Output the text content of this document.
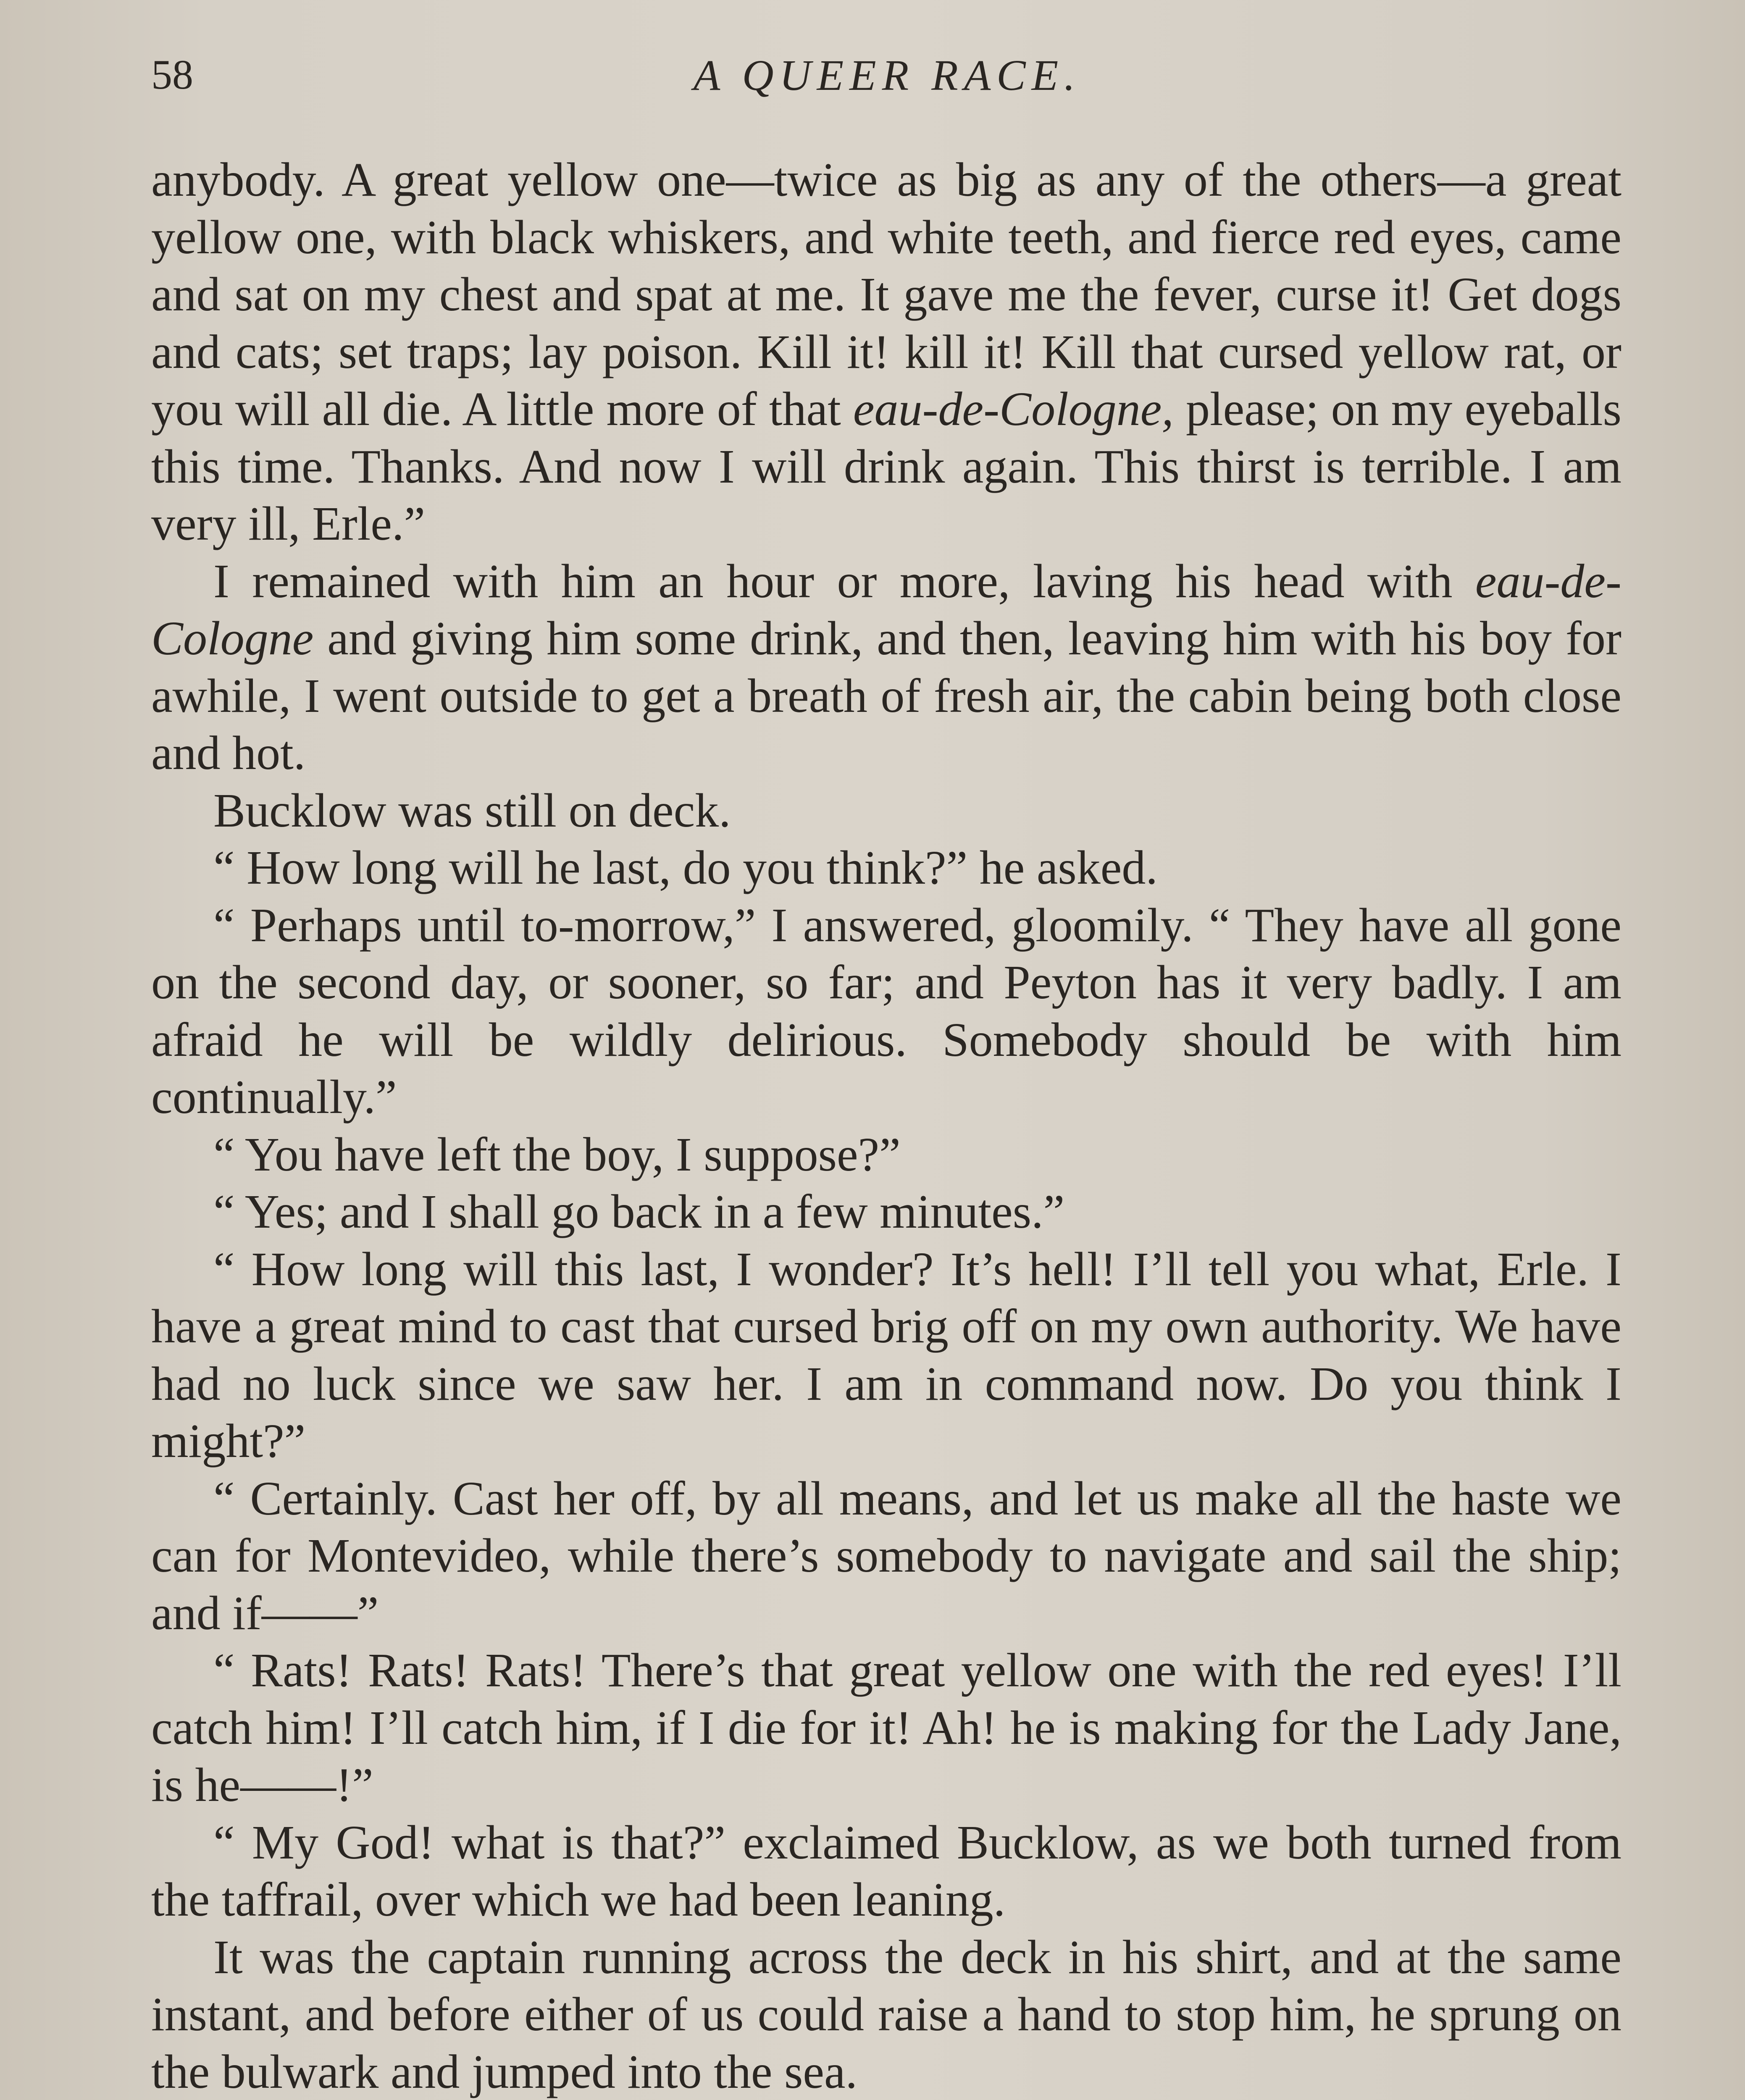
58	A QUEER RACE.

anybody. A great yellow one—twice as big as any of the others—a great yellow one, with black whiskers, and white teeth, and fierce red eyes, came and sat on my chest and spat at me. It gave me the fever, curse it! Get dogs and cats; set traps; lay poison. Kill it! kill it! Kill that cursed yellow rat, or you will all die. A little more of that eau-de-Cologne, please; on my eyeballs this time. Thanks. And now I will drink again. This thirst is terrible. I am very ill, Erle.”

I remained with him an hour or more, laving his head with eau-de-Cologne and giving him some drink, and then, leaving him with his boy for awhile, I went outside to get a breath of fresh air, the cabin being both close and hot.

Bucklow was still on deck.

“ How long will he last, do you think?” he asked.

“ Perhaps until to-morrow,” I answered, gloomily. “ They have all gone on the second day, or sooner, so far; and Peyton has it very badly. I am afraid he will be wildly delirious. Somebody should be with him continually.”

“ You have left the boy, I suppose?”

“ Yes; and I shall go back in a few minutes.”

“ How long will this last, I wonder? It’s hell! I’ll tell you what, Erle. I have a great mind to cast that cursed brig off on my own authority. We have had no luck since we saw her. I am in command now. Do you think I might?”

“ Certainly. Cast her off, by all means, and let us make all the haste we can for Montevideo, while there’s somebody to navigate and sail the ship; and if——”

“ Rats! Rats! Rats! There’s that great yellow one with the red eyes! I’ll catch him! I’ll catch him, if I die for it! Ah! he is making for the Lady Jane, is he——!”

“ My God! what is that?” exclaimed Bucklow, as we both turned from the taffrail, over which we had been leaning.

It was the captain running across the deck in his shirt, and at the same instant, and before either of us could raise a hand to stop him, he sprung on the bulwark and jumped into the sea.
